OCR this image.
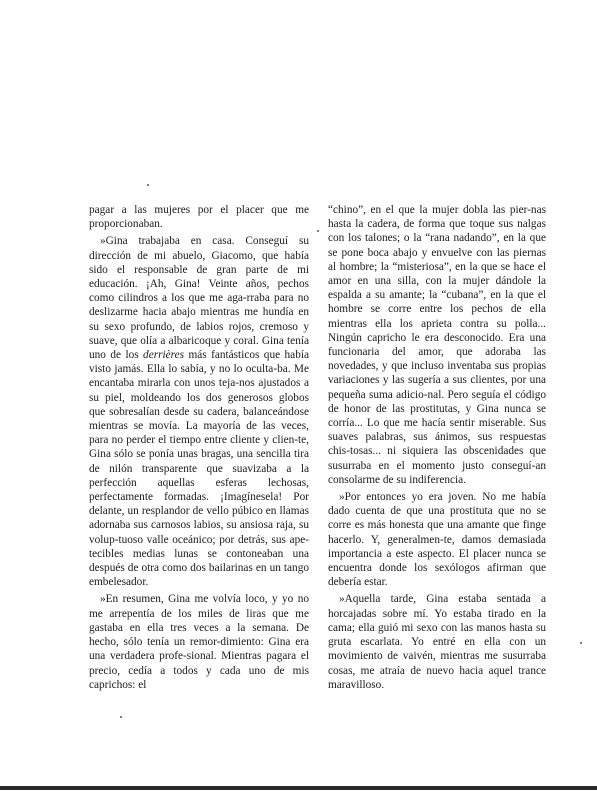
pagar a las mujeres por el placer que me proporcionaban.

»Gina trabajaba en casa. Conseguí su dirección de mi abuelo, Giacomo, que había sido el responsable de gran parte de mi educación. ¡Ah, Gina! Veinte años, pechos como cilindros a los que me aga-rraba para no deslizarme hacia abajo mientras me hundía en su sexo profundo, de labios rojos, cremoso y suave, que olía a albaricoque y coral. Gina tenía uno de los derrières más fantásticos que había visto jamás. Ella lo sabía, y no lo oculta-ba. Me encantaba mirarla con unos teja-nos ajustados a su piel, moldeando los dos generosos globos que sobresalían desde su cadera, balanceándose mientras se movía. La mayoría de las veces, para no perder el tiempo entre cliente y clien-te, Gina sólo se ponía unas bragas, una sencilla tira de nilón transparente que suavizaba a la perfección aquellas esferas lechosas, perfectamente formadas. ¡Imagínesela! Por delante, un resplandor de vello púbico en llamas adornaba sus carnosos labios, su ansiosa raja, su volup-tuoso valle oceánico; por detrás, sus ape-tecibles medias lunas se contoneaban una después de otra como dos bailarinas en un tango embelesador.

»En resumen, Gina me volvía loco, y yo no me arrepentía de los miles de liras que me gastaba en ella tres veces a la semana. De hecho, sólo tenía un remor-dimiento: Gina era una verdadera profe-sional. Mientras pagara el precio, cedía a todos y cada uno de mis caprichos: el

“chino”, en el que la mujer dobla las pier-nas hasta la cadera, de forma que toque sus nalgas con los talones; o la “rana nadando”, en la que se pone boca abajo y envuelve con las piernas al hombre; la “misteriosa”, en la que se hace el amor en una silla, con la mujer dándole la espalda a su amante; la “cubana”, en la que el hombre se corre entre los pechos de ella mientras ella los aprieta contra su polla... Ningún capricho le era desconocido. Era una funcionaria del amor, que adoraba las novedades, y que incluso inventaba sus propias variaciones y las sugería a sus clientes, por una pequeña suma adicio-nal. Pero seguía el código de honor de las prostitutas, y Gina nunca se corría... Lo que me hacía sentir miserable. Sus suaves palabras, sus ánimos, sus respuestas chis-tosas... ni siquiera las obscenidades que susurraba en el momento justo conseguí-an consolarme de su indiferencia.

»Por entonces yo era joven. No me había dado cuenta de que una prostituta que no se corre es más honesta que una amante que finge hacerlo. Y, generalmen-te, damos demasiada importancia a este aspecto. El placer nunca se encuentra donde los sexólogos afirman que debería estar.

»Aquella tarde, Gina estaba sentada a horcajadas sobre mí. Yo estaba tirado en la cama; ella guió mi sexo con las manos hasta su gruta escarlata. Yo entré en ella con un movimiento de vaivén, mientras me susurraba cosas, me atraía de nuevo hacia aquel trance maravilloso.
